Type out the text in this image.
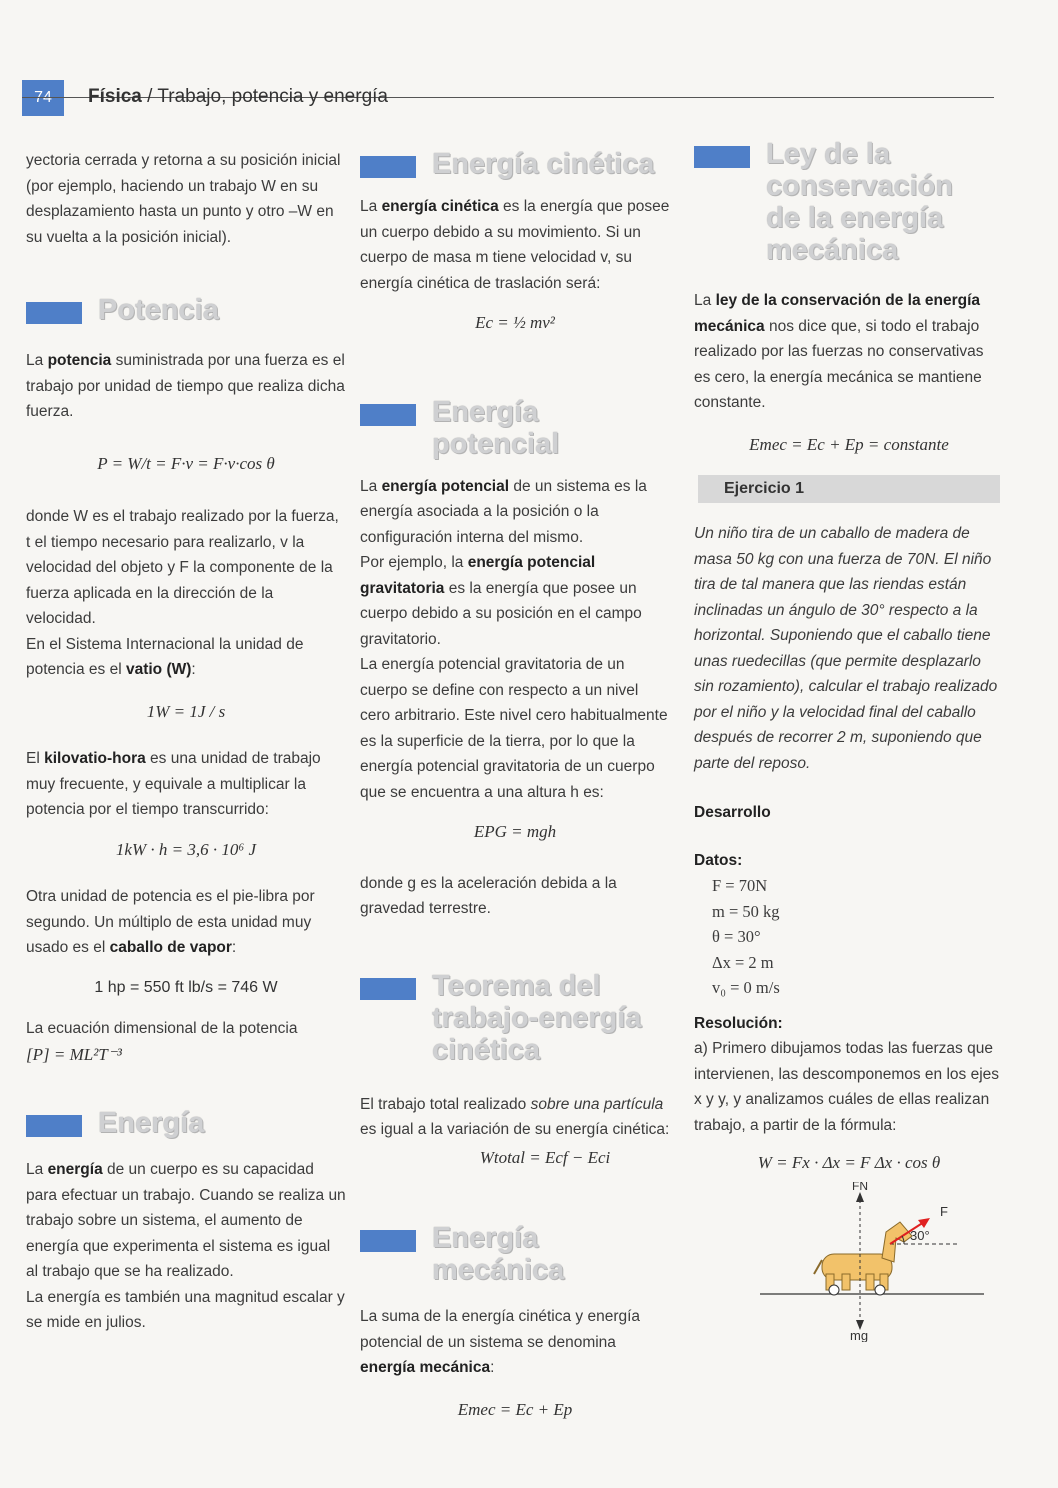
74	Física / Trabajo, potencia y energía

yectoria cerrada y retorna a su posición inicial (por ejemplo, haciendo un trabajo W en su desplazamiento hasta un punto y otro –W en su vuelta a la posición inicial).

Potencia

La potencia suministrada por una fuerza es el trabajo por unidad de tiempo que realiza dicha fuerza.

P = W/t = F·v = F·v·cos θ

donde W es el trabajo realizado por la fuerza, t el tiempo necesario para realizarlo, v la velocidad del objeto y F la componente de la fuerza aplicada en la dirección de la velocidad.

En el Sistema Internacional la unidad de potencia es el vatio (W):

1W = 1J / s

El kilovatio-hora es una unidad de trabajo muy frecuente, y equivale a multiplicar la potencia por el tiempo transcurrido:

1kW · h = 3,6 · 10⁶ J

Otra unidad de potencia es el pie-libra por segundo. Un múltiplo de esta unidad muy usado es el caballo de vapor:

1 hp = 550 ft lb/s = 746 W

La ecuación dimensional de la potencia

[P] = ML²T⁻³
Energía

La energía de un cuerpo es su capacidad para efectuar un trabajo. Cuando se realiza un trabajo sobre un sistema, el aumento de energía que experimenta el sistema es igual al trabajo que se ha realizado.

La energía es también una magnitud escalar y se mide en julios.

Energía cinética

La energía cinética es la energía que posee un cuerpo debido a su movimiento. Si un cuerpo de masa m tiene velocidad v, su energía cinética de traslación será:

Ec = ½ mv²
Energía potencial

La energía potencial de un sistema es la energía asociada a la posición o la configuración interna del mismo.

Por ejemplo, la energía potencial gravitatoria es la energía que posee un cuerpo debido a su posición en el campo gravitatorio.

La energía potencial gravitatoria de un cuerpo se define con respecto a un nivel cero arbitrario. Este nivel cero habitualmente es la superficie de la tierra, por lo que la energía potencial gravitatoria de un cuerpo que se encuentra a una altura h es:

EPG = mgh

donde g es la aceleración debida a la gravedad terrestre.

Teorema del trabajo-energía cinética

El trabajo total realizado sobre una partícula es igual a la variación de su energía cinética:

Wtotal = Ecf − Eci
Energía mecánica

La suma de la energía cinética y energía potencial de un sistema se denomina energía mecánica:

Emec = Ec + Ep
Ley de la conservación de la energía mecánica

La ley de la conservación de la energía mecánica nos dice que, si todo el trabajo realizado por las fuerzas no conservativas es cero, la energía mecánica se mantiene constante.

Emec = Ec + Ep = constante
Ejercicio 1

Un niño tira de un caballo de madera de masa 50 kg con una fuerza de 70N. El niño tira de tal manera que las riendas están inclinadas un ángulo de 30° respecto a la horizontal. Suponiendo que el caballo tiene unas ruedecillas (que permite desplazarlo sin rozamiento), calcular el trabajo realizado por el niño y la velocidad final del caballo después de recorrer 2 m, suponiendo que parte del reposo.

Desarrollo

Datos:

F = 70N
m = 50 kg
θ = 30°
Δx = 2 m
v₀ = 0 m/s

Resolución:

a) Primero dibujamos todas las fuerzas que intervienen, las descomponemos en los ejes x y y, y analizamos cuáles de ellas realizan trabajo, a partir de la fórmula:

W = Fx · Δx = F Δx · cos θ
FN
F
30°
mg
